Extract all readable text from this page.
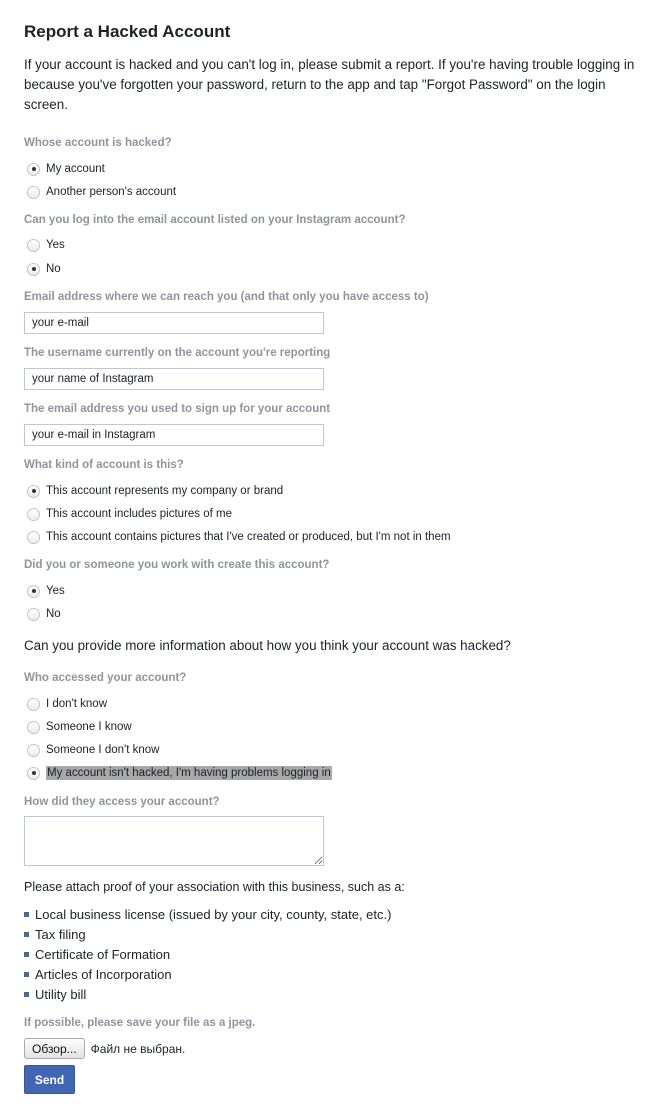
Report a Hacked Account

If your account is hacked and you can't log in, please submit a report. If you're having trouble logging in because you've forgotten your password, return to the app and tap "Forgot Password" on the login screen.

Whose account is hacked?
My account
Another person's account
Can you log into the email account listed on your Instagram account?
Yes
No
Email address where we can reach you (and that only you have access to)
your e-mail
The username currently on the account you're reporting
your name of Instagram
The email address you used to sign up for your account
your e-mail in Instagram
What kind of account is this?
This account represents my company or brand
This account includes pictures of me
This account contains pictures that I've created or produced, but I'm not in them
Did you or someone you work with create this account?
Yes
No
Can you provide more information about how you think your account was hacked?
Who accessed your account?
I don't know
Someone I know
Someone I don't know
My account isn't hacked, I'm having problems logging in
How did they access your account?
Please attach proof of your association with this business, such as a:
Local business license (issued by your city, county, state, etc.)
Tax filing
Certificate of Formation
Articles of Incorporation
Utility bill
If possible, please save your file as a jpeg.
Обзор...	Файл не выбран.
Send
